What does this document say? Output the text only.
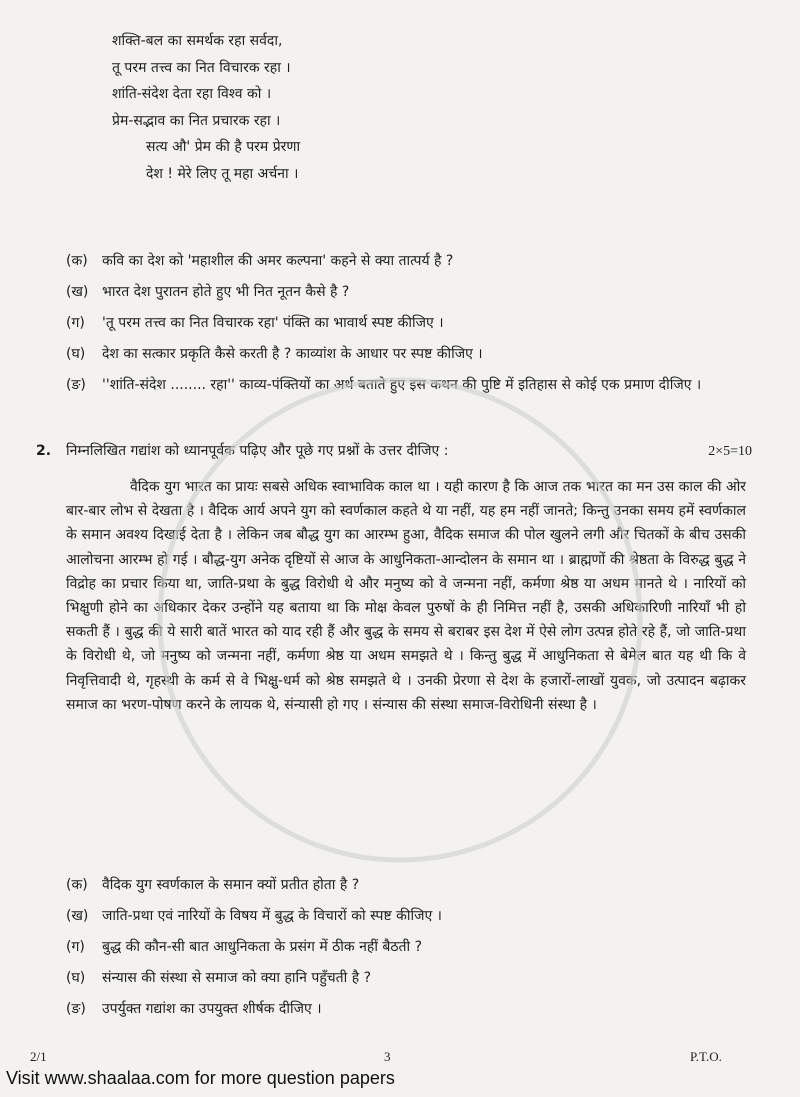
शक्ति-बल का समर्थक रहा सर्वदा,
तू परम तत्त्व का नित विचारक रहा ।
शांति-संदेश देता रहा विश्व को ।
प्रेम-सद्भाव का नित प्रचारक रहा ।
सत्य औ' प्रेम की है परम प्रेरणा
देश ! मेरे लिए तू महा अर्चना ।
(क)	कवि का देश को 'महाशील की अमर कल्पना' कहने से क्या तात्पर्य है ?
(ख) भारत देश पुरातन होते हुए भी नित नूतन कैसे है ?
(ग)	'तू परम तत्त्व का नित विचारक रहा' पंक्ति का भावार्थ स्पष्ट कीजिए ।
(घ)	देश का सत्कार प्रकृति कैसे करती है ? काव्यांश के आधार पर स्पष्ट कीजिए ।
(ङ)	''शांति-संदेश ........ रहा'' काव्य-पंक्तियों का अर्थ बताते हुए इस कथन की पुष्टि में इतिहास से कोई एक प्रमाण दीजिए ।
2. निम्नलिखित गद्यांश को ध्यानपूर्वक पढ़िए और पूछे गए प्रश्नों के उत्तर दीजिए :	2×5=10
वैदिक युग भारत का प्रायः सबसे अधिक स्वाभाविक काल था । यही कारण है कि आज तक भारत का मन उस काल की ओर बार-बार लोभ से देखता है । वैदिक आर्य अपने युग को स्वर्णकाल कहते थे या नहीं, यह हम नहीं जानते; किन्तु उनका समय हमें स्वर्णकाल के समान अवश्य दिखाई देता है । लेकिन जब बौद्ध युग का आरम्भ हुआ, वैदिक समाज की पोल खुलने लगी और चितकों के बीच उसकी आलोचना आरम्भ हो गई । बौद्ध-युग अनेक दृष्टियों से आज के आधुनिकता-आन्दोलन के समान था । ब्राह्मणों की श्रेष्ठता के विरुद्ध बुद्ध ने विद्रोह का प्रचार किया था, जाति-प्रथा के बुद्ध विरोधी थे और मनुष्य को वे जन्मना नहीं, कर्मणा श्रेष्ठ या अधम मानते थे । नारियों को भिक्षुणी होने का अधिकार देकर उन्होंने यह बताया था कि मोक्ष केवल पुरुषों के ही निमित्त नहीं है, उसकी अधिकारिणी नारियाँ भी हो सकती हैं । बुद्ध की ये सारी बातें भारत को याद रही हैं और बुद्ध के समय से बराबर इस देश में ऐसे लोग उत्पन्न होते रहे हैं, जो जाति-प्रथा के विरोधी थे, जो मनुष्य को जन्मना नहीं, कर्मणा श्रेष्ठ या अधम समझते थे । किन्तु बुद्ध में आधुनिकता से बेमेल बात यह थी कि वे निवृत्तिवादी थे, गृहस्थी के कर्म से वे भिक्षु-धर्म को श्रेष्ठ समझते थे । उनकी प्रेरणा से देश के हजारों-लाखों युवक, जो उत्पादन बढ़ाकर समाज का भरण-पोषण करने के लायक थे, संन्यासी हो गए । संन्यास की संस्था समाज-विरोधिनी संस्था है ।
(क)	वैदिक युग स्वर्णकाल के समान क्यों प्रतीत होता है ?
(ख) जाति-प्रथा एवं नारियों के विषय में बुद्ध के विचारों को स्पष्ट कीजिए ।
(ग)	बुद्ध की कौन-सी बात आधुनिकता के प्रसंग में ठीक नहीं बैठती ?
(घ)	संन्यास की संस्था से समाज को क्या हानि पहुँचती है ?
(ङ)	उपर्युक्त गद्यांश का उपयुक्त शीर्षक दीजिए ।
2/1	3	P.T.O.
Visit www.shaalaa.com for more question papers
